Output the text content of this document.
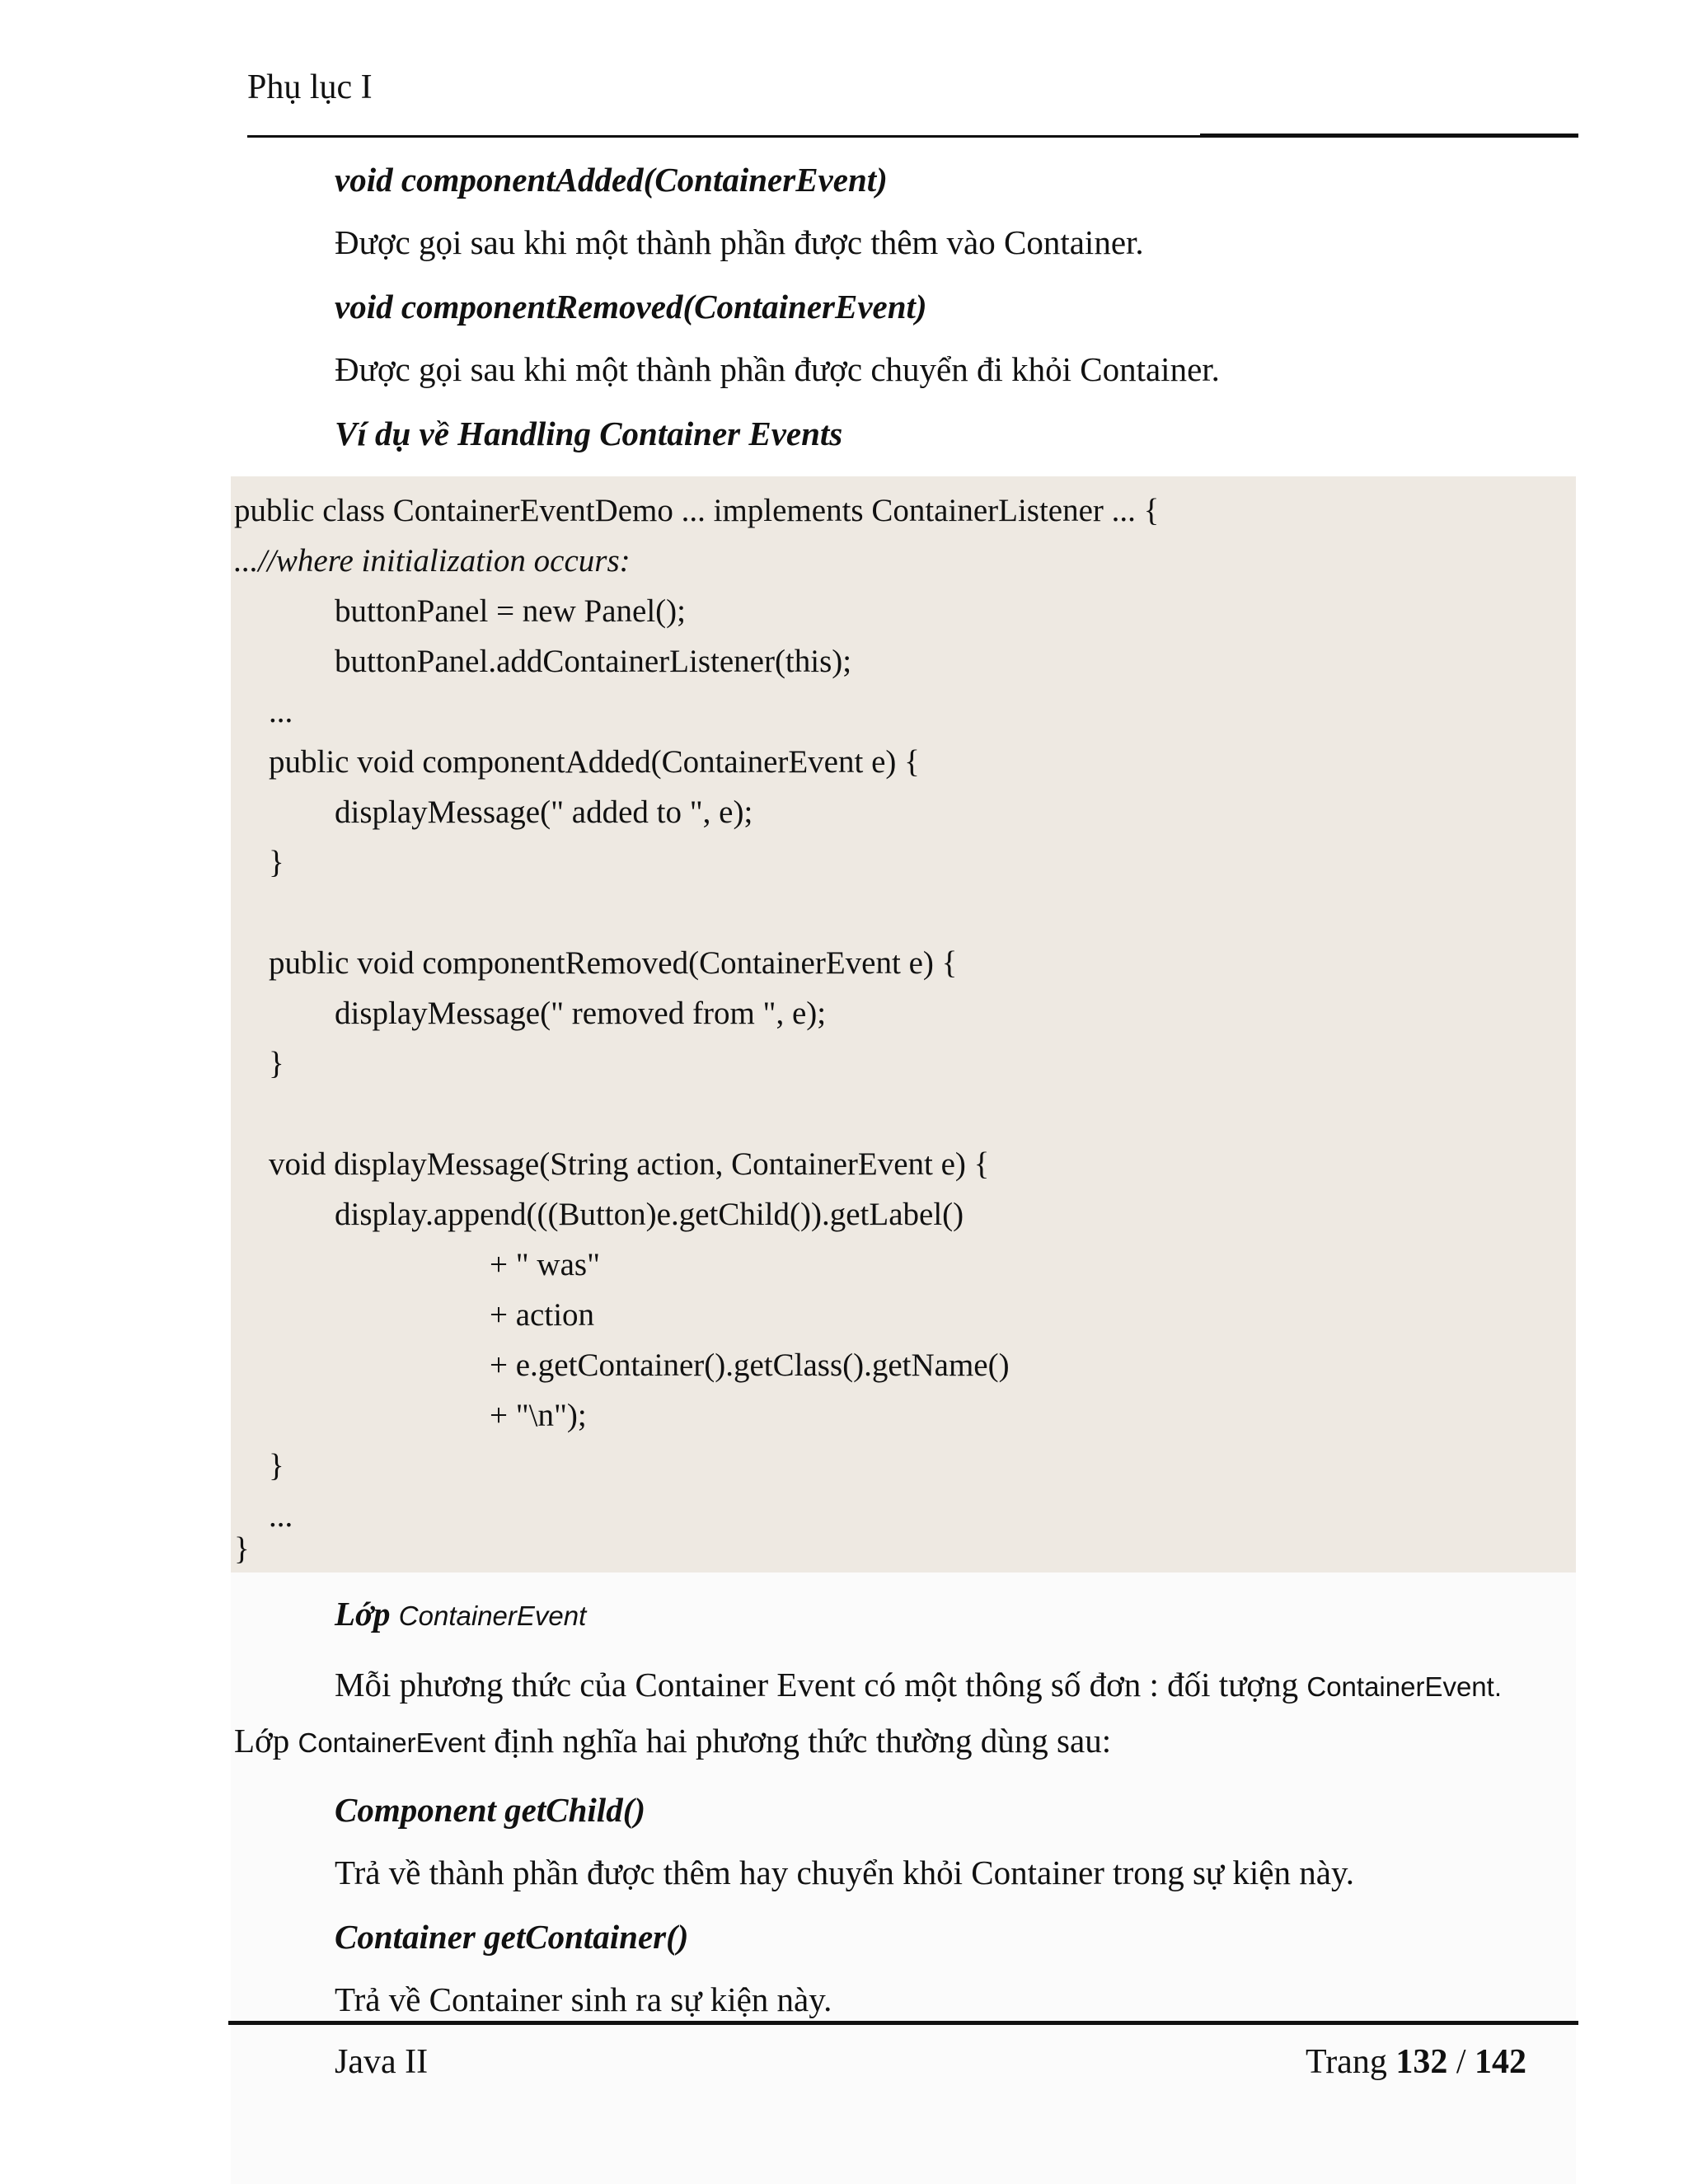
Phụ lục I
void componentAdded(ContainerEvent)
Được gọi sau khi một thành phần được thêm vào Container.
void componentRemoved(ContainerEvent)
Được gọi sau khi một thành phần được chuyển đi khỏi Container.
Ví dụ về Handling Container Events
public class ContainerEventDemo ... implements ContainerListener ... {
...//where initialization occurs:
buttonPanel = new Panel();
buttonPanel.addContainerListener(this);
...
public void componentAdded(ContainerEvent e) {
displayMessage(" added to ", e);
}
public void componentRemoved(ContainerEvent e) {
displayMessage(" removed from ", e);
}
void displayMessage(String action, ContainerEvent e) {
display.append(((Button)e.getChild()).getLabel()
+ " was"
+ action
+ e.getContainer().getClass().getName()
+ "\n");
}
...
}
Lớp ContainerEvent
Mỗi phương thức của Container Event có một thông số đơn : đối tượng ContainerEvent.
Lớp ContainerEvent định nghĩa hai phương thức thường dùng sau:
Component getChild()
Trả về thành phần được thêm hay chuyển khỏi Container trong sự kiện này.
Container getContainer()
Trả về Container sinh ra sự kiện này.
Java II	Trang 132 / 142
